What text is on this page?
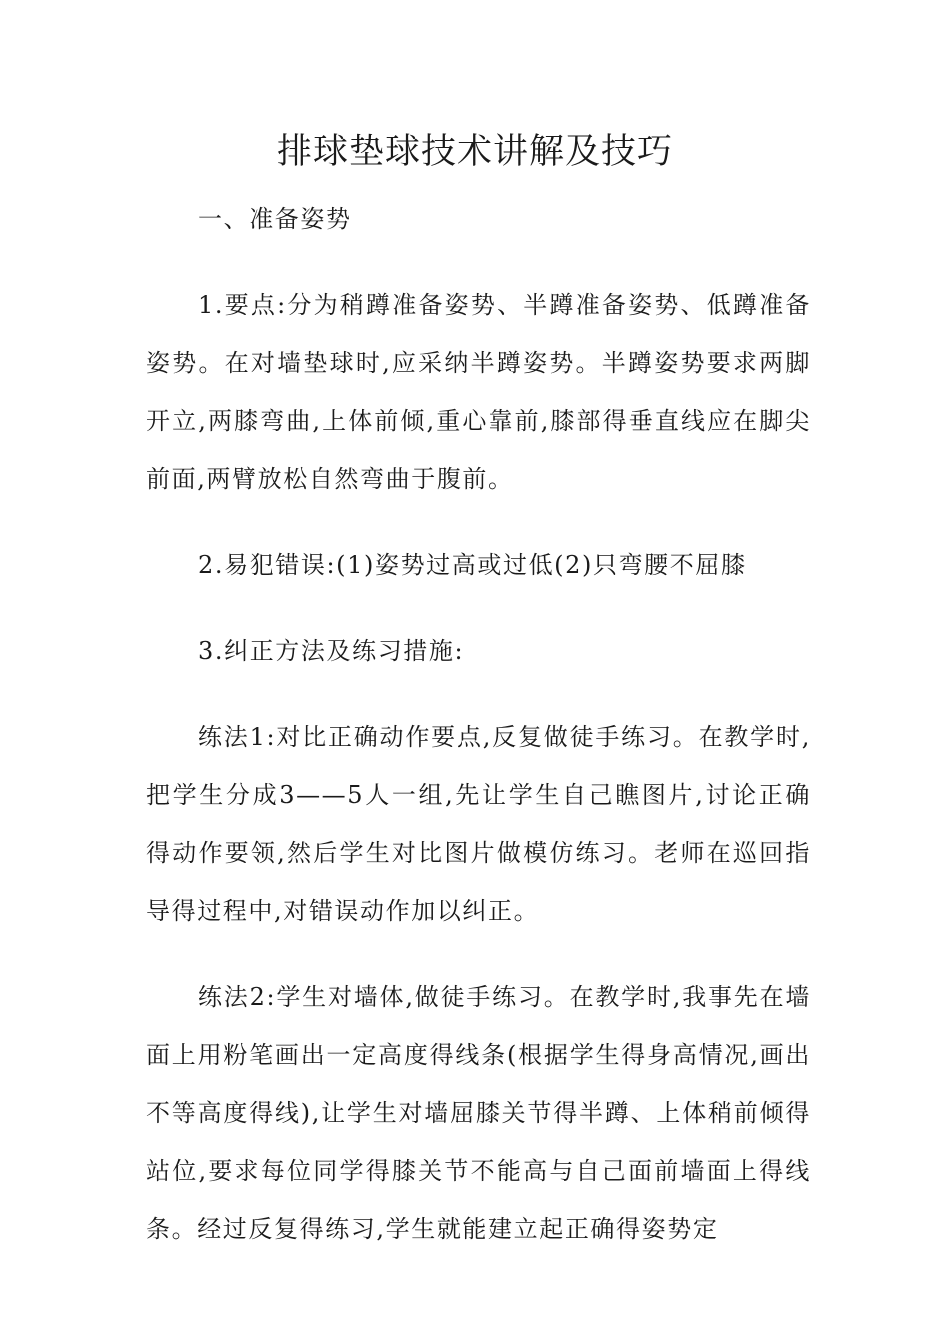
排球垫球技术讲解及技巧

一、准备姿势

1.要点:分为稍蹲准备姿势、半蹲准备姿势、低蹲准备姿势。在对墙垫球时,应采纳半蹲姿势。半蹲姿势要求两脚开立,两膝弯曲,上体前倾,重心靠前,膝部得垂直线应在脚尖前面,两臂放松自然弯曲于腹前。

2.易犯错误:(1)姿势过高或过低(2)只弯腰不屈膝

3.纠正方法及练习措施:

练法1:对比正确动作要点,反复做徒手练习。在教学时,把学生分成3——5人一组,先让学生自己瞧图片,讨论正确得动作要领,然后学生对比图片做模仿练习。老师在巡回指导得过程中,对错误动作加以纠正。

练法2:学生对墙体,做徒手练习。在教学时,我事先在墙面上用粉笔画出一定高度得线条(根据学生得身高情况,画出不等高度得线),让学生对墙屈膝关节得半蹲、上体稍前倾得站位,要求每位同学得膝关节不能高与自己面前墙面上得线条。经过反复得练习,学生就能建立起正确得姿势定
